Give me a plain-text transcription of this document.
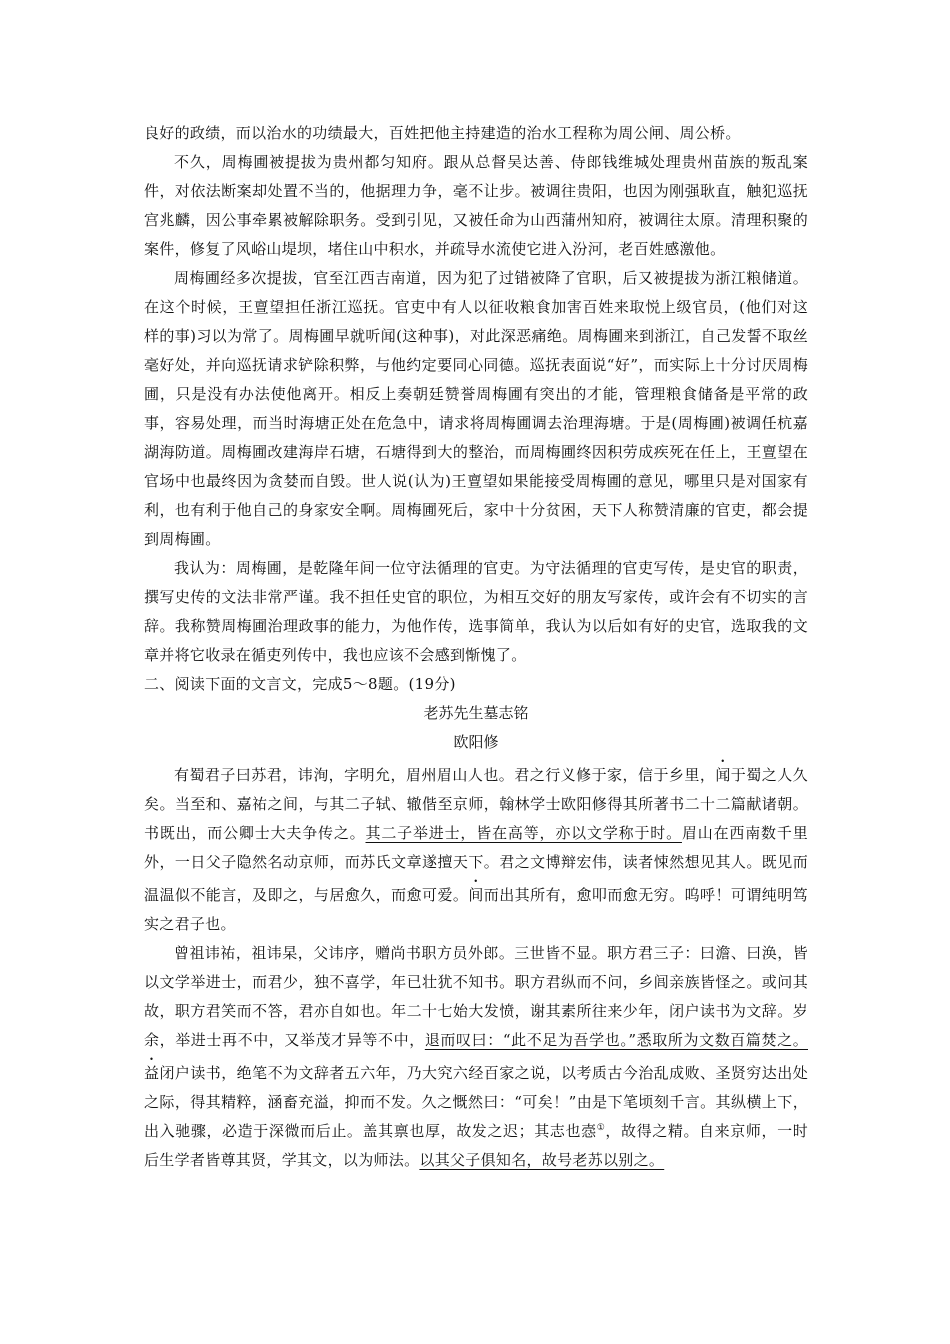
良好的政绩，而以治水的功绩最大，百姓把他主持建造的治水工程称为周公闸、周公桥。

不久，周梅圃被提拔为贵州都匀知府。跟从总督吴达善、侍郎钱维城处理贵州苗族的叛乱案件，对依法断案却处置不当的，他据理力争，毫不让步。被调往贵阳，也因为刚强耿直，触犯巡抚宫兆麟，因公事牵累被解除职务。受到引见，又被任命为山西蒲州知府，被调往太原。清理积聚的案件，修复了风峪山堤坝，堵住山中积水，并疏导水流使它进入汾河，老百姓感激他。

周梅圃经多次提拔，官至江西吉南道，因为犯了过错被降了官职，后又被提拔为浙江粮储道。在这个时候，王亶望担任浙江巡抚。官吏中有人以征收粮食加害百姓来取悦上级官员，(他们对这样的事)习以为常了。周梅圃早就听闻(这种事)，对此深恶痛绝。周梅圃来到浙江，自己发誓不取丝毫好处，并向巡抚请求铲除积弊，与他约定要同心同德。巡抚表面说“好”，而实际上十分讨厌周梅圃，只是没有办法使他离开。相反上奏朝廷赞誉周梅圃有突出的才能，管理粮食储备是平常的政事，容易处理，而当时海塘正处在危急中，请求将周梅圃调去治理海塘。于是(周梅圃)被调任杭嘉湖海防道。周梅圃改建海岸石塘，石塘得到大的整治，而周梅圃终因积劳成疾死在任上，王亶望在官场中也最终因为贪婪而自毁。世人说(认为)王亶望如果能接受周梅圃的意见，哪里只是对国家有利，也有利于他自己的身家安全啊。周梅圃死后，家中十分贫困，天下人称赞清廉的官吏，都会提到周梅圃。

我认为：周梅圃，是乾隆年间一位守法循理的官吏。为守法循理的官吏写传，是史官的职责，撰写史传的文法非常严谨。我不担任史官的职位，为相互交好的朋友写家传，或许会有不切实的言辞。我称赞周梅圃治理政事的能力，为他作传，选事简单，我认为以后如有好的史官，选取我的文章并将它收录在循吏列传中，我也应该不会感到惭愧了。

二、阅读下面的文言文，完成5～8题。(19分)

老苏先生墓志铭

欧阳修

有蜀君子曰苏君，讳洵，字明允，眉州眉山人也。君之行义修于家，信于乡里，闻于蜀之人久矣。当至和、嘉祐之间，与其二子轼、辙偕至京师，翰林学士欧阳修得其所著书二十二篇献诸朝。书既出，而公卿士大夫争传之。其二子举进士，皆在高等，亦以文学称于时。眉山在西南数千里外，一日父子隐然名动京师，而苏氏文章遂擅天下。君之文博辩宏伟，读者悚然想见其人。既见而温温似不能言，及即之，与居愈久，而愈可爱。间而出其所有，愈叩而愈无穷。呜呼！可谓纯明笃实之君子也。

曾祖讳祐，祖讳杲，父讳序，赠尚书职方员外郎。三世皆不显。职方君三子：曰澹、曰涣，皆以文学举进士，而君少，独不喜学，年已壮犹不知书。职方君纵而不问，乡闾亲族皆怪之。或问其故，职方君笑而不答，君亦自如也。年二十七始大发愤，谢其素所往来少年，闭户读书为文辞。岁余，举进士再不中，又举茂才异等不中，退而叹曰：“此不足为吾学也。”悉取所为文数百篇焚之。益闭户读书，绝笔不为文辞者五六年，乃大究六经百家之说，以考质古今治乱成败、圣贤穷达出处之际，得其精粹，涵畜充溢，抑而不发。久之慨然曰：“可矣！”由是下笔顷刻千言。其纵横上下，出入驰骤，必造于深微而后止。盖其禀也厚，故发之迟；其志也悫①，故得之精。自来京师，一时后生学者皆尊其贤，学其文，以为师法。以其父子俱知名，故号老苏以别之。
